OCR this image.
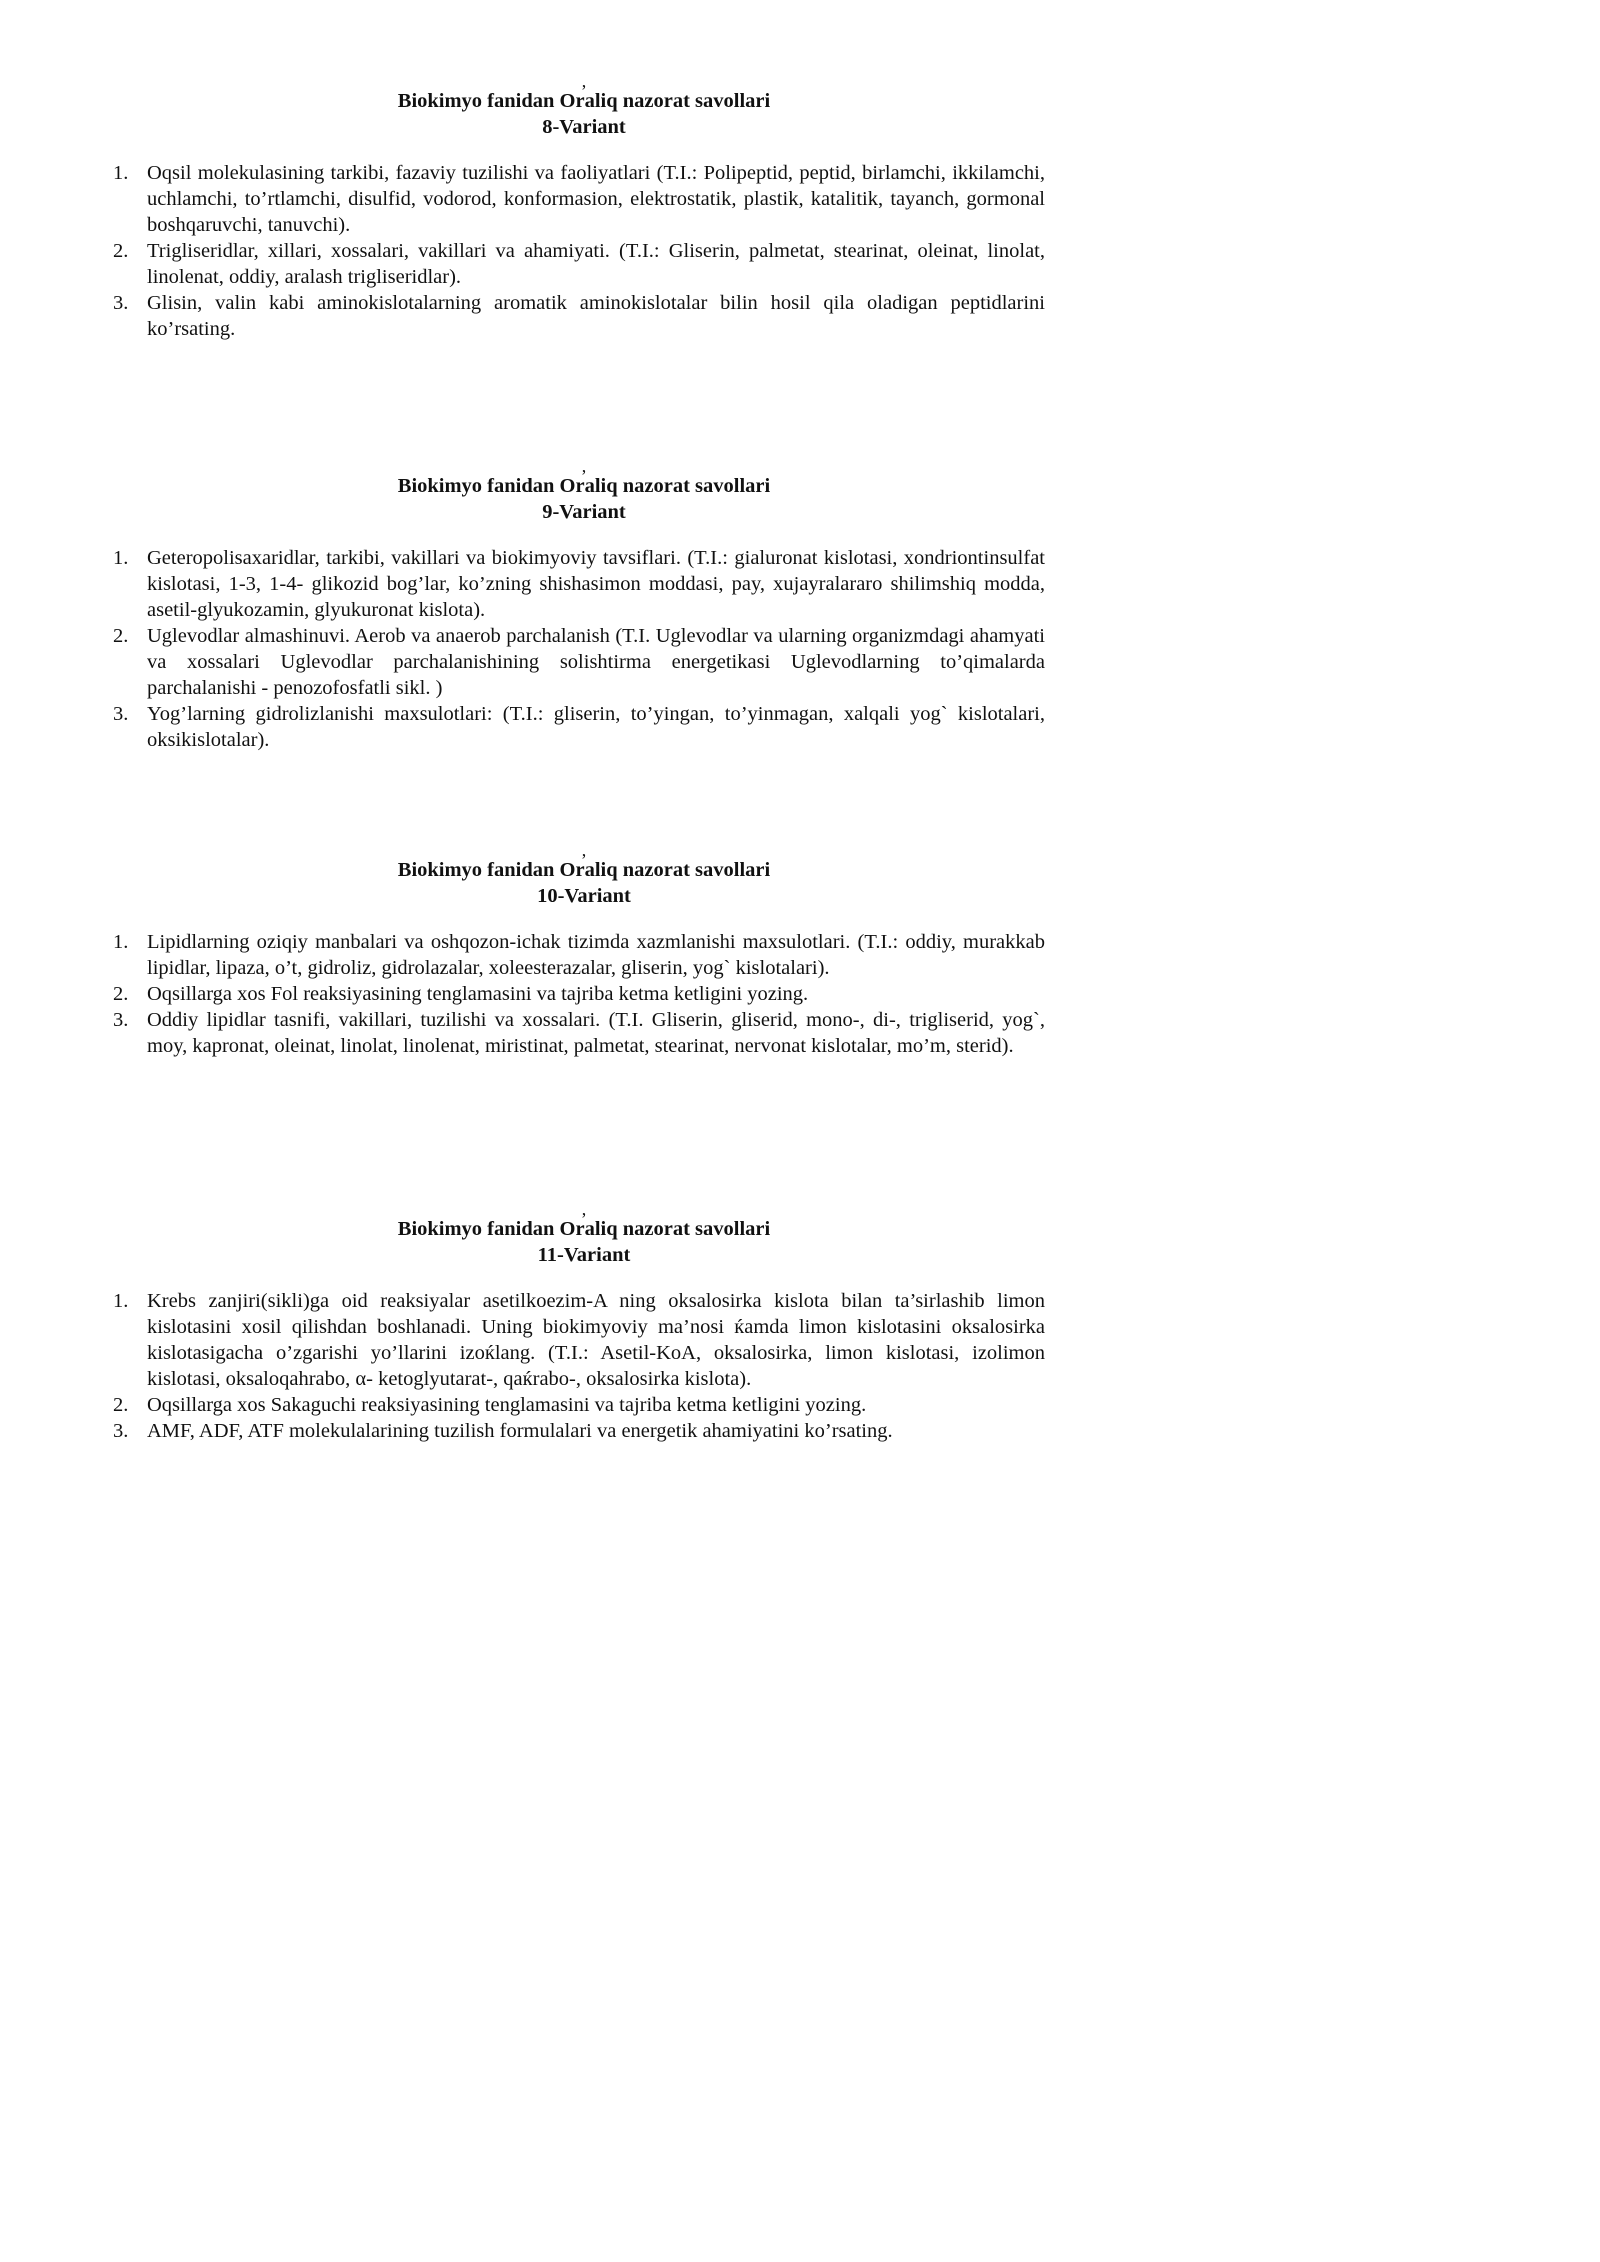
,
Biokimyo fanidan Oraliq nazorat savollari
8-Variant
1. Oqsil molekulasining tarkibi, fazaviy tuzilishi va faoliyatlari (T.I.: Polipeptid, peptid, birlamchi, ikkilamchi, uchlamchi, to’rtlamchi, disulfid, vodorod, konformasion, elektrostatik, plastik, katalitik, tayanch, gormonal boshqaruvchi, tanuvchi).
2. Trigliseridlar, xillari, xossalari, vakillari va ahamiyati. (T.I.: Gliserin, palmetat, stearinat, oleinat, linolat, linolenat, oddiy, aralash trigliseridlar).
3. Glisin, valin kabi aminokislotalarning aromatik aminokislotalar bilin hosil qila oladigan peptidlarini ko’rsating.
,
Biokimyo fanidan Oraliq nazorat savollari
9-Variant
1. Geteropolisaxaridlar, tarkibi, vakillari va biokimyoviy tavsiflari. (T.I.: gialuronat kislotasi, xondriontinsulfat kislotasi, 1-3, 1-4- glikozid bog’lar, ko’zning shishasimon moddasi, pay, xujayralararo shilimshiq modda, asetil-glyukozamin, glyukuronat kislota).
2. Uglevodlar almashinuvi. Aerob va anaerob parchalanish (T.I. Uglevodlar va ularning organizmdagi ahamyati va xossalari Uglevodlar parchalanishining solishtirma energetikasi Uglevodlarning to’qimalarda parchalanishi - penozofosfatli sikl. )
3. Yog’larning gidrolizlanishi maxsulotlari: (T.I.: gliserin, to’yingan, to’yinmagan, xalqali yog` kislotalari, oksikislotalar).
,
Biokimyo fanidan Oraliq nazorat savollari
10-Variant
1. Lipidlarning oziqiy manbalari va oshqozon-ichak tizimda xazmlanishi maxsulotlari. (T.I.: oddiy, murakkab lipidlar, lipaza, o’t, gidroliz, gidrolazalar, xoleesterazalar, gliserin, yog` kislotalari).
2. Oqsillarga xos Fol reaksiyasining tenglamasini va tajriba ketma ketligini yozing.
3. Oddiy lipidlar tasnifi, vakillari, tuzilishi va xossalari. (T.I. Gliserin, gliserid, mono-, di-, trigliserid, yog`, moy, kapronat, oleinat, linolat, linolenat, miristinat, palmetat, stearinat, nervonat kislotalar, mo’m, sterid).
,
Biokimyo fanidan Oraliq nazorat savollari
11-Variant
1. Krebs zanjiri(sikli)ga oid reaksiyalar asetilkoezim-A ning oksalosirka kislota bilan ta’sirlashib limon kislotasini xosil qilishdan boshlanadi. Uning biokimyoviy ma’nosi ќamda limon kislotasini oksalosirka kislotasigacha o’zgarishi yo’llarini izoќlang. (T.I.: Asetil-KoA, oksalosirka, limon kislotasi, izolimon kislotasi, oksaloqahrabo, α- ketoglyutarat-, qaќrabo-, oksalosirka kislota).
2. Oqsillarga xos Sakaguchi reaksiyasining tenglamasini va tajriba ketma ketligini yozing.
3. AMF, ADF, ATF molekulalarining tuzilish formulalari va energetik ahamiyatini ko’rsating.
